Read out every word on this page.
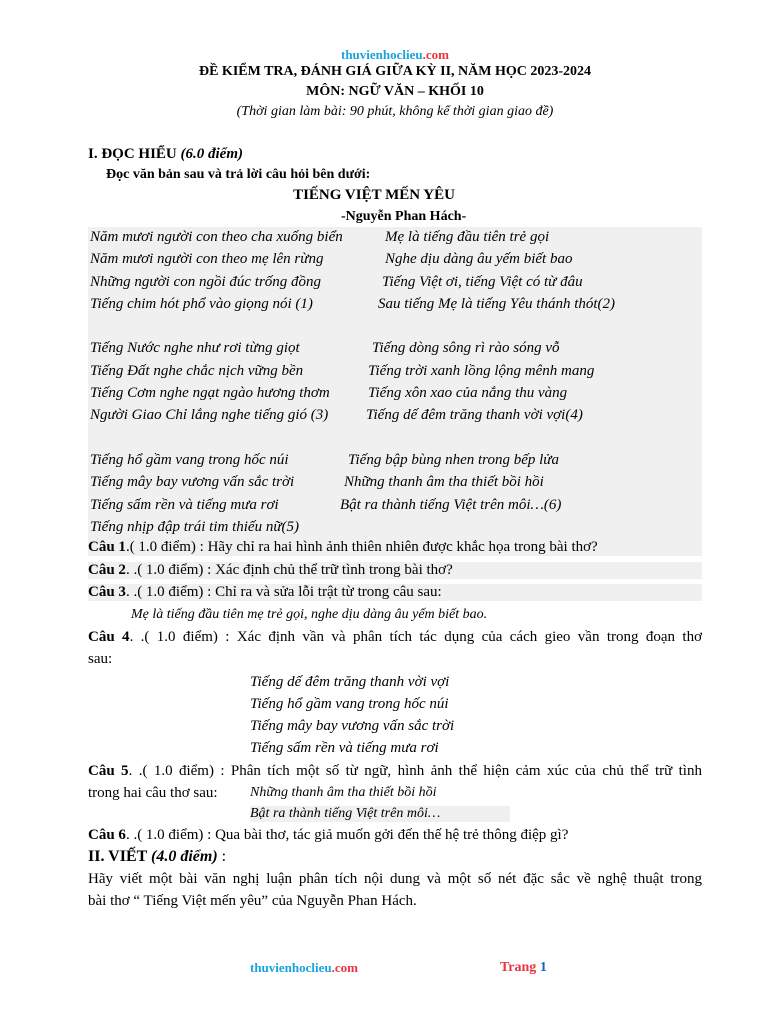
thuvienhoclieu.com
ĐỀ KIỂM TRA, ĐÁNH GIÁ GIỮA KỲ II, NĂM HỌC 2023-2024
MÔN: NGỮ VĂN – KHỐI 10
(Thời gian làm bài: 90 phút, không kể thời gian giao đề)
I. ĐỌC HIỂU (6.0 điểm)
Đọc văn bản sau và trả lời câu hỏi bên dưới:
TIẾNG VIỆT MẾN YÊU
-Nguyễn Phan Hách-
Năm mươi người con theo cha xuống biển	Mẹ là tiếng đầu tiên trẻ gọi
Năm mươi người con theo mẹ lên rừng	Nghe dịu dàng âu yếm biết bao
Những người con ngồi đúc trống đồng	Tiếng Việt ơi, tiếng Việt có từ đâu
Tiếng chim hót phổ vào giọng nói (1)	Sau tiếng Mẹ là tiếng Yêu thánh thót(2)
Tiếng Nước nghe như rơi từng giọt	Tiếng dòng sông rì rào sóng vỗ
Tiếng Đất nghe chắc nịch vững bền	Tiếng trời xanh lồng lộng mênh mang
Tiếng Cơm nghe ngạt ngào hương thơm	Tiếng xôn xao của nắng thu vàng
Người Giao Chỉ lắng nghe tiếng gió (3)	Tiếng dế đêm trăng thanh vời vợi(4)
Tiếng hổ gầm vang trong hốc núi	Tiếng bập bùng nhen trong bếp lửa
Tiếng mây bay vương vấn sắc trời	Những thanh âm tha thiết bồi hồi
Tiếng sấm rền và tiếng mưa rơi	Bật ra thành tiếng Việt trên môi…(6)
Tiếng nhịp đập trái tim thiếu nữ(5)
Câu 1.( 1.0 điểm) : Hãy chỉ ra hai hình ảnh thiên nhiên được khắc họa trong bài thơ?
Câu 2. .( 1.0 điểm) : Xác định chủ thể trữ tình trong bài thơ?
Câu 3. .( 1.0 điểm) : Chỉ ra và sửa lỗi trật từ trong câu sau:
Mẹ là tiếng đầu tiên mẹ trẻ gọi, nghe dịu dàng âu yếm biết bao.
Câu 4. .( 1.0 điểm) : Xác định vần và phân tích tác dụng của cách gieo vần trong đoạn thơ
sau:
Tiếng dế đêm trăng thanh vời vợi
Tiếng hổ gầm vang trong hốc núi
Tiếng mây bay vương vấn sắc trời
Tiếng sấm rền và tiếng mưa rơi
Câu 5. .( 1.0 điểm) : Phân tích một số từ ngữ, hình ảnh thể hiện cảm xúc của chủ thể trữ tình
trong hai câu thơ sau:	Những thanh âm tha thiết bồi hồi
Bật ra thành tiếng Việt trên môi…
Câu 6. .( 1.0 điểm) : Qua bài thơ, tác giả muốn gởi đến thế hệ trẻ thông điệp gì?
II. VIẾT (4.0 điểm) :
Hãy viết một bài văn nghị luận phân tích nội dung và một số nét đặc sắc về nghệ thuật trong
bài thơ “ Tiếng Việt mến yêu” của Nguyễn Phan Hách.
thuvienhoclieu.com	Trang 1
